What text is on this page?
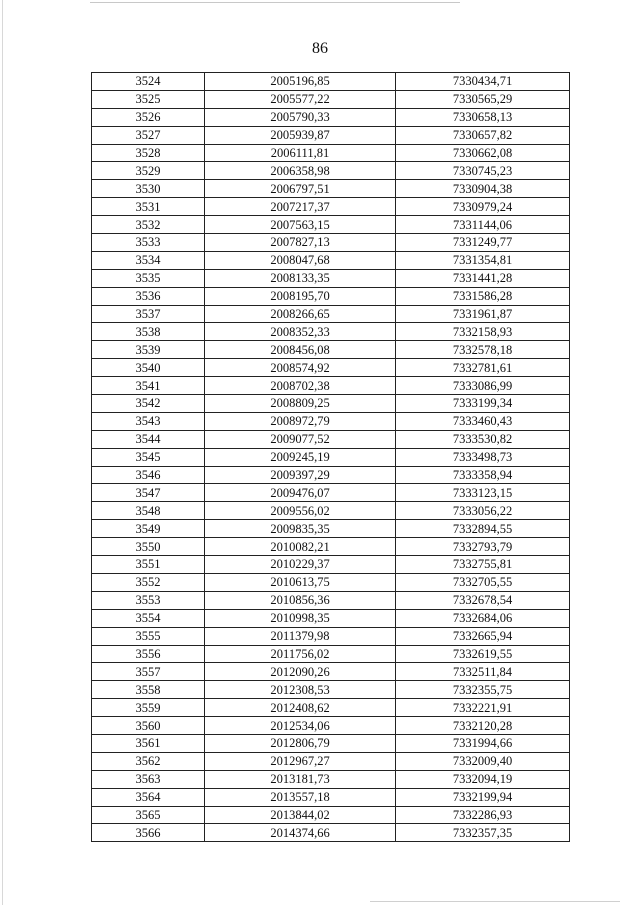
86
3524	2005196,85	7330434,71
3525	2005577,22	7330565,29
3526	2005790,33	7330658,13
3527	2005939,87	7330657,82
3528	2006111,81	7330662,08
3529	2006358,98	7330745,23
3530	2006797,51	7330904,38
3531	2007217,37	7330979,24
3532	2007563,15	7331144,06
3533	2007827,13	7331249,77
3534	2008047,68	7331354,81
3535	2008133,35	7331441,28
3536	2008195,70	7331586,28
3537	2008266,65	7331961,87
3538	2008352,33	7332158,93
3539	2008456,08	7332578,18
3540	2008574,92	7332781,61
3541	2008702,38	7333086,99
3542	2008809,25	7333199,34
3543	2008972,79	7333460,43
3544	2009077,52	7333530,82
3545	2009245,19	7333498,73
3546	2009397,29	7333358,94
3547	2009476,07	7333123,15
3548	2009556,02	7333056,22
3549	2009835,35	7332894,55
3550	2010082,21	7332793,79
3551	2010229,37	7332755,81
3552	2010613,75	7332705,55
3553	2010856,36	7332678,54
3554	2010998,35	7332684,06
3555	2011379,98	7332665,94
3556	2011756,02	7332619,55
3557	2012090,26	7332511,84
3558	2012308,53	7332355,75
3559	2012408,62	7332221,91
3560	2012534,06	7332120,28
3561	2012806,79	7331994,66
3562	2012967,27	7332009,40
3563	2013181,73	7332094,19
3564	2013557,18	7332199,94
3565	2013844,02	7332286,93
3566	2014374,66	7332357,35
